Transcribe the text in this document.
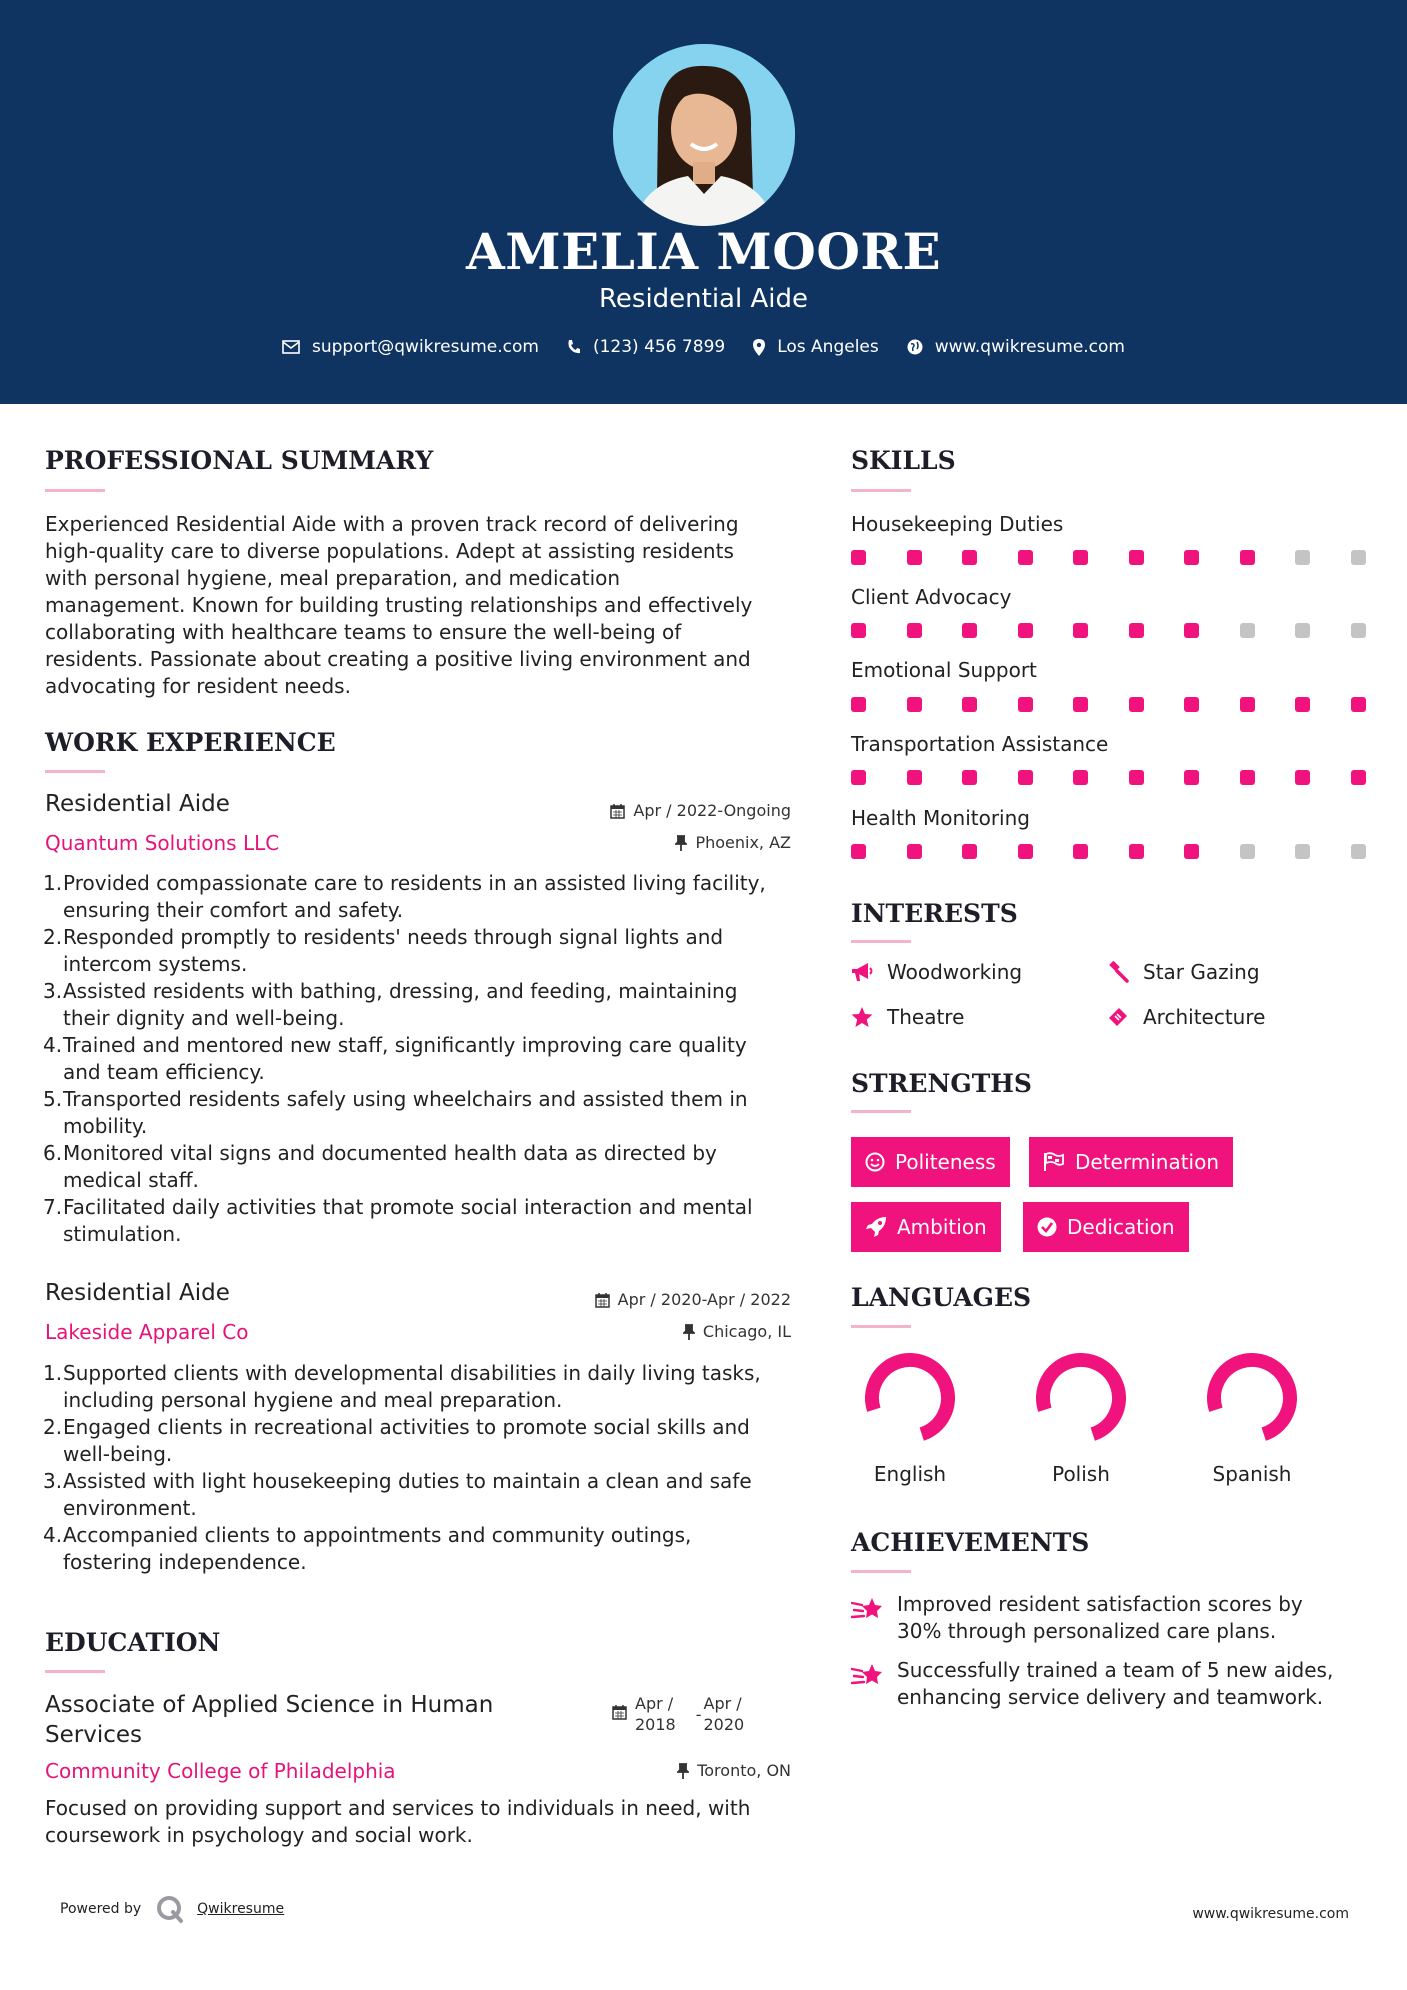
AMELIA MOORE
Residential Aide
support@qwikresume.com	(123) 456 7899	Los Angeles	www.qwikresume.com
PROFESSIONAL SUMMARY
Experienced Residential Aide with a proven track record of delivering
high-quality care to diverse populations. Adept at assisting residents
with personal hygiene, meal preparation, and medication
management. Known for building trusting relationships and effectively
collaborating with healthcare teams to ensure the well-being of
residents. Passionate about creating a positive living environment and
advocating for resident needs.
WORK EXPERIENCE
Residential Aide	Apr / 2022-Ongoing
Quantum Solutions LLC	Phoenix, AZ
1. Provided compassionate care to residents in an assisted living facility,
ensuring their comfort and safety.
2. Responded promptly to residents' needs through signal lights and
intercom systems.
3. Assisted residents with bathing, dressing, and feeding, maintaining
their dignity and well-being.
4. Trained and mentored new staff, significantly improving care quality
and team efficiency.
5. Transported residents safely using wheelchairs and assisted them in
mobility.
6. Monitored vital signs and documented health data as directed by
medical staff.
7. Facilitated daily activities that promote social interaction and mental
stimulation.
Residential Aide	Apr / 2020-Apr / 2022
Lakeside Apparel Co	Chicago, IL
1. Supported clients with developmental disabilities in daily living tasks,
including personal hygiene and meal preparation.
2. Engaged clients in recreational activities to promote social skills and
well-being.
3. Assisted with light housekeeping duties to maintain a clean and safe
environment.
4. Accompanied clients to appointments and community outings,
fostering independence.
EDUCATION
Associate of Applied Science in Human
Services
Apr /
2018
-
Apr /
2020
Community College of Philadelphia	Toronto, ON
Focused on providing support and services to individuals in need, with
coursework in psychology and social work.
SKILLS
Housekeeping Duties
Client Advocacy
Emotional Support
Transportation Assistance
Health Monitoring
INTERESTS
Woodworking	Star Gazing
Theatre	Architecture
STRENGTHS
Politeness	Determination
Ambition	Dedication
LANGUAGES
English	Polish	Spanish
ACHIEVEMENTS
Improved resident satisfaction scores by
30% through personalized care plans.
Successfully trained a team of 5 new aides,
enhancing service delivery and teamwork.
Powered by	Qwikresume	www.qwikresume.com
